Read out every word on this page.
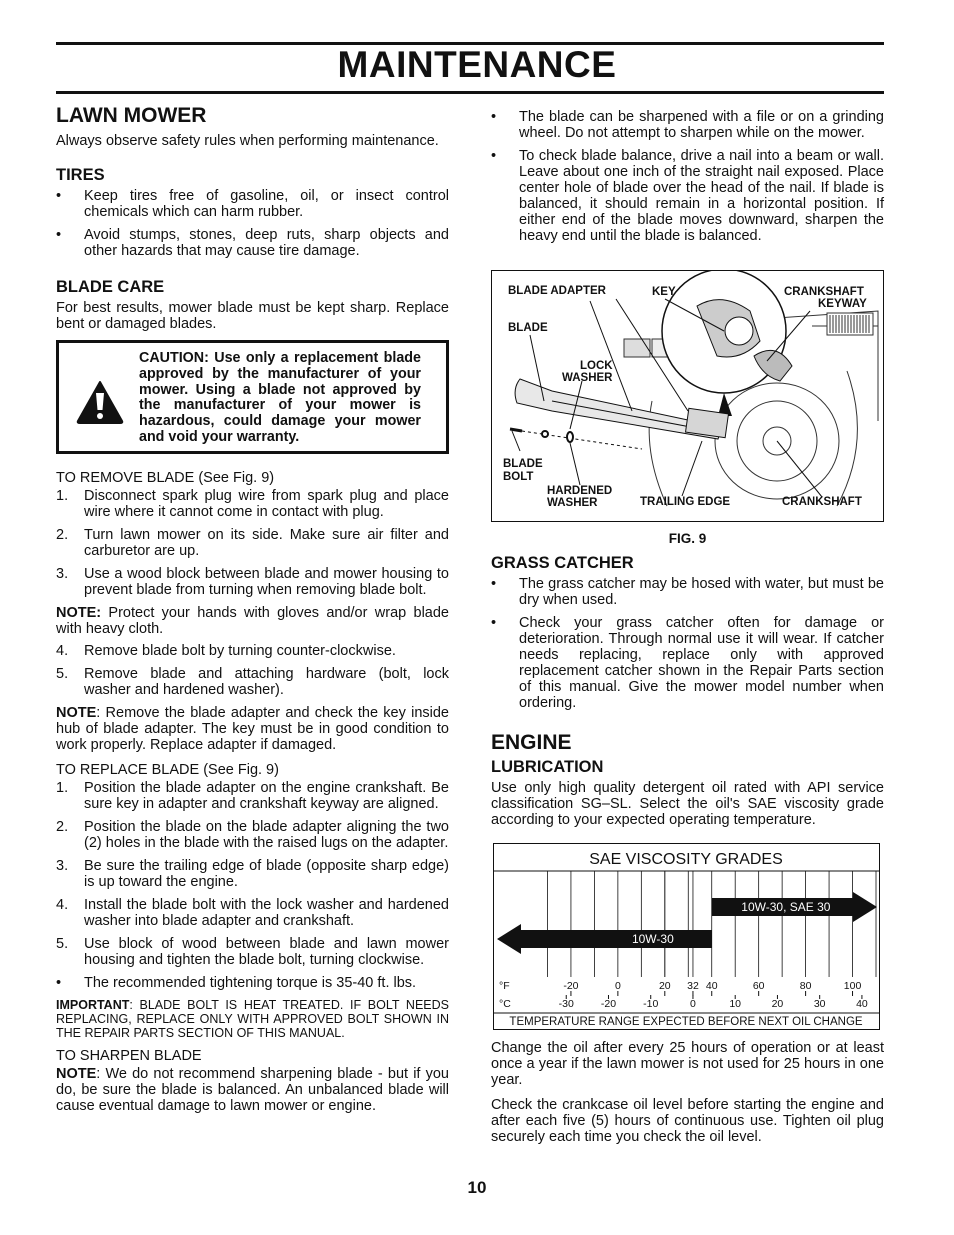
MAINTENANCE
LAWN MOWER

Always observe safety rules when performing maintenance.

TIRES
• Keep tires free of gasoline, oil, or insect control chemicals which can harm rubber.
• Avoid stumps, stones, deep ruts, sharp objects and other hazards that may cause tire damage.
BLADE CARE

For best results, mower blade must be kept sharp. Replace bent or damaged blades.

CAUTION: Use only a replacement blade approved by the manufacturer of your mower. Using a blade not approved by the manufacturer of your mower is hazardous, could damage your mower and void your warranty.

TO REMOVE BLADE (See Fig. 9)

1. Disconnect spark plug wire from spark plug and place wire where it cannot come in contact with plug.
2. Turn lawn mower on its side. Make sure air filter and carburetor are up.
3. Use a wood block between blade and mower housing to prevent blade from turning when removing blade bolt.

NOTE: Protect your hands with gloves and/or wrap blade with heavy cloth.

4. Remove blade bolt by turning counter-clockwise.
5. Remove blade and attaching hardware (bolt, lock washer and hardened washer).

NOTE: Remove the blade adapter and check the key inside hub of blade adapter. The key must be in good condition to work properly. Replace adapter if damaged.

TO REPLACE BLADE (See Fig. 9)

1. Position the blade adapter on the engine crankshaft. Be sure key in adapter and crankshaft keyway are aligned.
2. Position the blade on the blade adapter aligning the two (2) holes in the blade with the raised lugs on the adapter.
3. Be sure the trailing edge of blade (opposite sharp edge) is up toward the engine.
4. Install the blade bolt with the lock washer and hardened washer into blade adapter and crankshaft.
5. Use block of wood between blade and lawn mower housing and tighten the blade bolt, turning clockwise.
• The recommended tightening torque is 35-40 ft. lbs.

IMPORTANT: BLADE BOLT IS HEAT TREATED. IF BOLT NEEDS REPLACING, REPLACE ONLY WITH APPROVED BOLT SHOWN IN THE REPAIR PARTS SECTION OF THIS MANUAL.

TO SHARPEN BLADE

NOTE: We do not recommend sharpening blade - but if you do, be sure the blade is balanced. An unbalanced blade will cause eventual damage to lawn mower or engine.

• The blade can be sharpened with a file or on a grinding wheel. Do not attempt to sharpen while on the mower.
• To check blade balance, drive a nail into a beam or wall. Leave about one inch of the straight nail exposed. Place center hole of blade over the head of the nail. If blade is balanced, it should remain in a horizontal position. If either end of the blade moves downward, sharpen the heavy end until the blade is balanced.
BLADE ADAPTER	KEY	CRANKSHAFT
KEYWAY
BLADE
LOCK
WASHER
BLADE
BOLT
HARDENED
WASHER	TRAILING EDGE	CRANKSHAFT
FIG. 9
GRASS CATCHER
• The grass catcher may be hosed with water, but must be dry when used.
• Check your grass catcher often for damage or deterioration. Through normal use it will wear. If catcher needs replacing, replace only with approved replacement catcher shown in the Repair Parts section of this manual. Give the mower model number when ordering.
ENGINE
LUBRICATION

Use only high quality detergent oil rated with API service classification SG–SL. Select the oil's SAE viscosity grade according to your expected operating temperature.

SAE VISCOSITY GRADES
10W-30
10W-30, SAE 30
-20	0	20 32 40	60	80	100
-30	-20	-10	0	10	20	30	40
°F
°C
TEMPERATURE RANGE EXPECTED BEFORE NEXT OIL CHANGE

Change the oil after every 25 hours of operation or at least once a year if the lawn mower is not used for 25 hours in one year.

Check the crankcase oil level before starting the engine and after each five (5) hours of continuous use. Tighten oil plug securely each time you check the oil level.

10
